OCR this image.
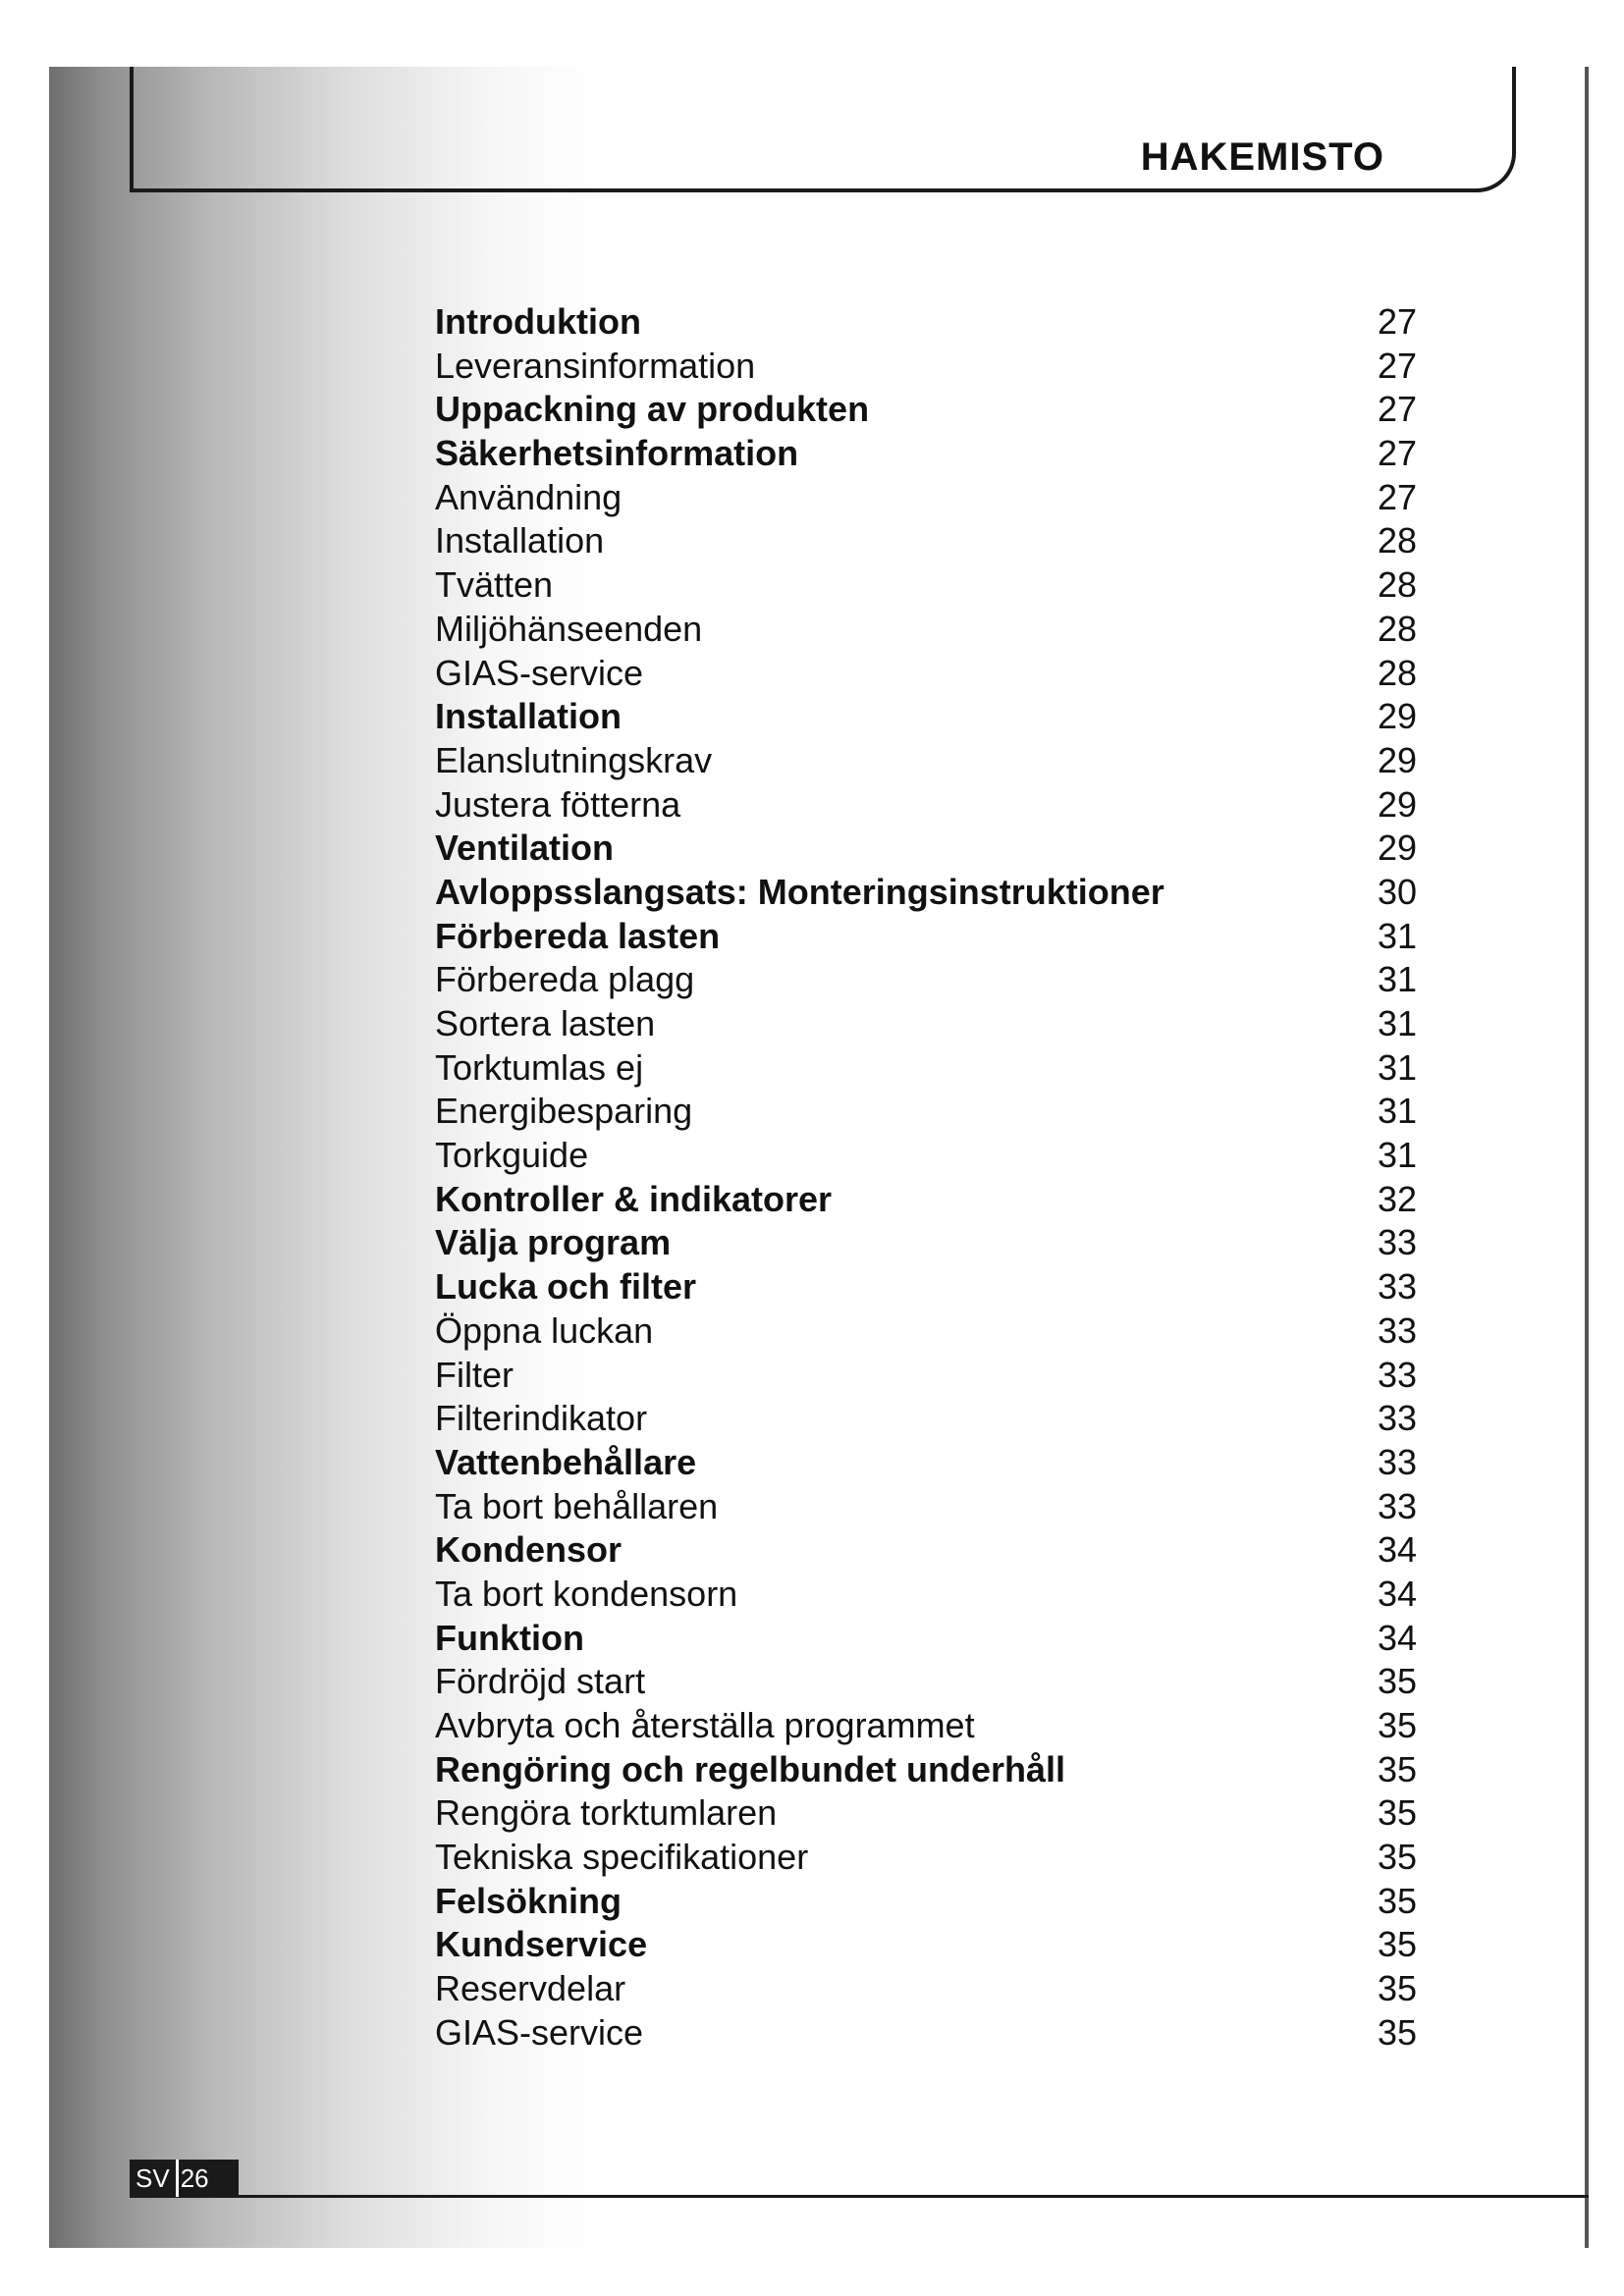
HAKEMISTO
Introduktion	27
Leveransinformation	27
Uppackning av produkten	27
Säkerhetsinformation	27
Användning	27
Installation	28
Tvätten	28
Miljöhänseenden	28
GIAS-service	28
Installation	29
Elanslutningskrav	29
Justera fötterna	29
Ventilation	29
Avloppsslangsats: Monteringsinstruktioner	30
Förbereda lasten	31
Förbereda plagg	31
Sortera lasten	31
Torktumlas ej	31
Energibesparing	31
Torkguide	31
Kontroller & indikatorer	32
Välja program	33
Lucka och filter	33
Öppna luckan	33
Filter	33
Filterindikator	33
Vattenbehållare	33
Ta bort behållaren	33
Kondensor	34
Ta bort kondensorn	34
Funktion	34
Fördröjd start	35
Avbryta och återställa programmet	35
Rengöring och regelbundet underhåll	35
Rengöra torktumlaren	35
Tekniska specifikationer	35
Felsökning	35
Kundservice	35
Reservdelar	35
GIAS-service	35
SV 26
